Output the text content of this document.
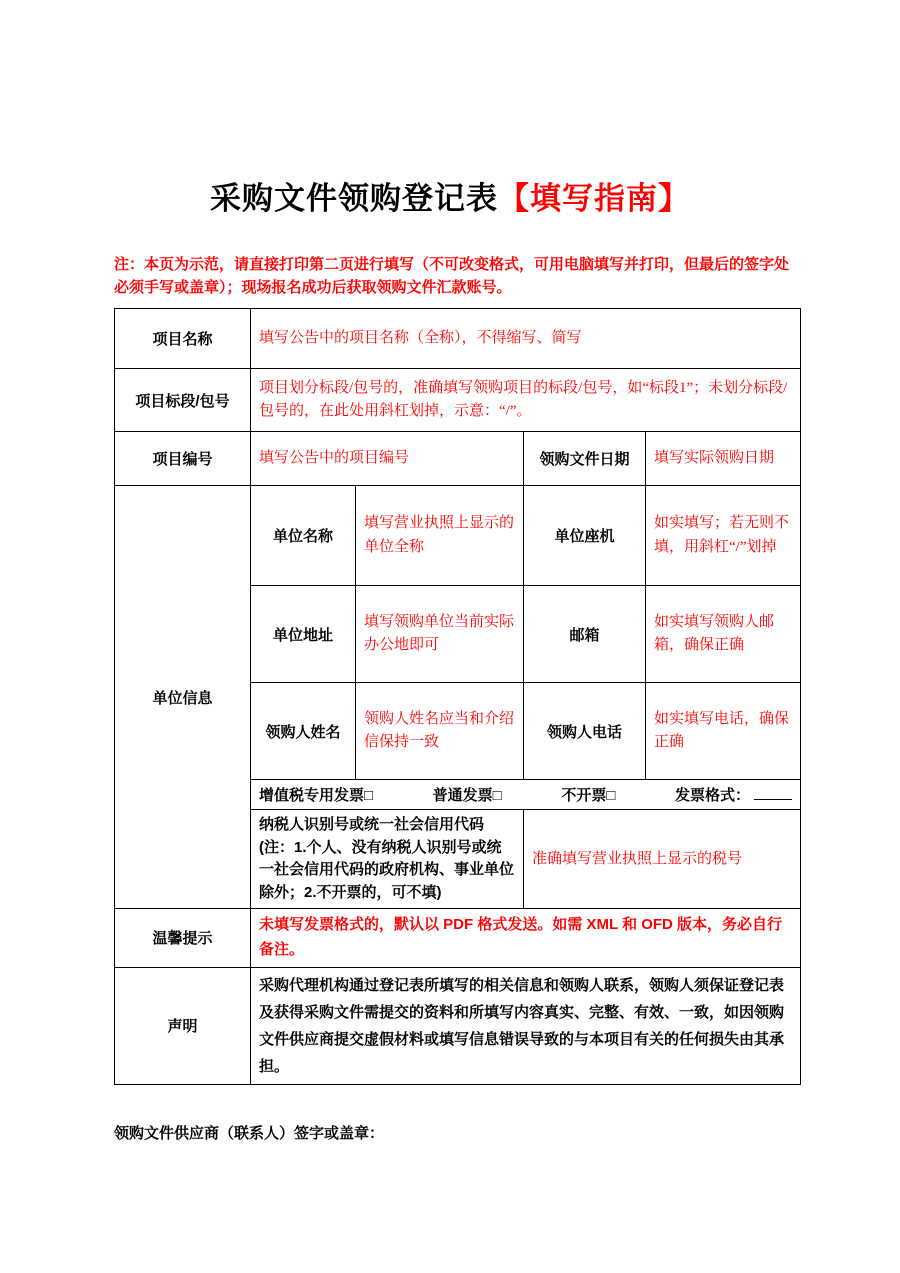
采购文件领购登记表【填写指南】
注：本页为示范，请直接打印第二页进行填写（不可改变格式，可用电脑填写并打印，但最后的签字处必须手写或盖章）；现场报名成功后获取领购文件汇款账号。
项目名称	填写公告中的项目名称（全称），不得缩写、简写			
项目标段/包号	项目划分标段/包号的，准确填写领购项目的标段/包号，如“标段1”；未划分标段/包号的，在此处用斜杠划掉，示意：“/”。			
项目编号	填写公告中的项目编号		领购文件日期	填写实际领购日期
单位信息	单位名称	填写营业执照上显示的单位全称	单位座机	如实填写；若无则不填，用斜杠“/”划掉
	单位地址	填写领购单位当前实际办公地即可	邮箱	如实填写领购人邮箱，确保正确
	领购人姓名	领购人姓名应当和介绍信保持一致	领购人电话	如实填写电话，确保正确

	增值税专用发票□ 普通发票□ 不开票□ 发票格式：			

	纳税人识别号或统一社会信用代码(注：1.个人、没有纳税人识别号或统一社会信用代码的政府机构、事业单位除外；2.不开票的，可不填)		准确填写营业执照上显示的税号	
温馨提示	未填写发票格式的，默认以 PDF 格式发送。如需 XML 和 OFD 版本，务必自行备注。			
声明	采购代理机构通过登记表所填写的相关信息和领购人联系，领购人须保证登记表及获得采购文件需提交的资料和所填写内容真实、完整、有效、一致，如因领购文件供应商提交虚假材料或填写信息错误导致的与本项目有关的任何损失由其承担。			
领购文件供应商（联系人）签字或盖章：
